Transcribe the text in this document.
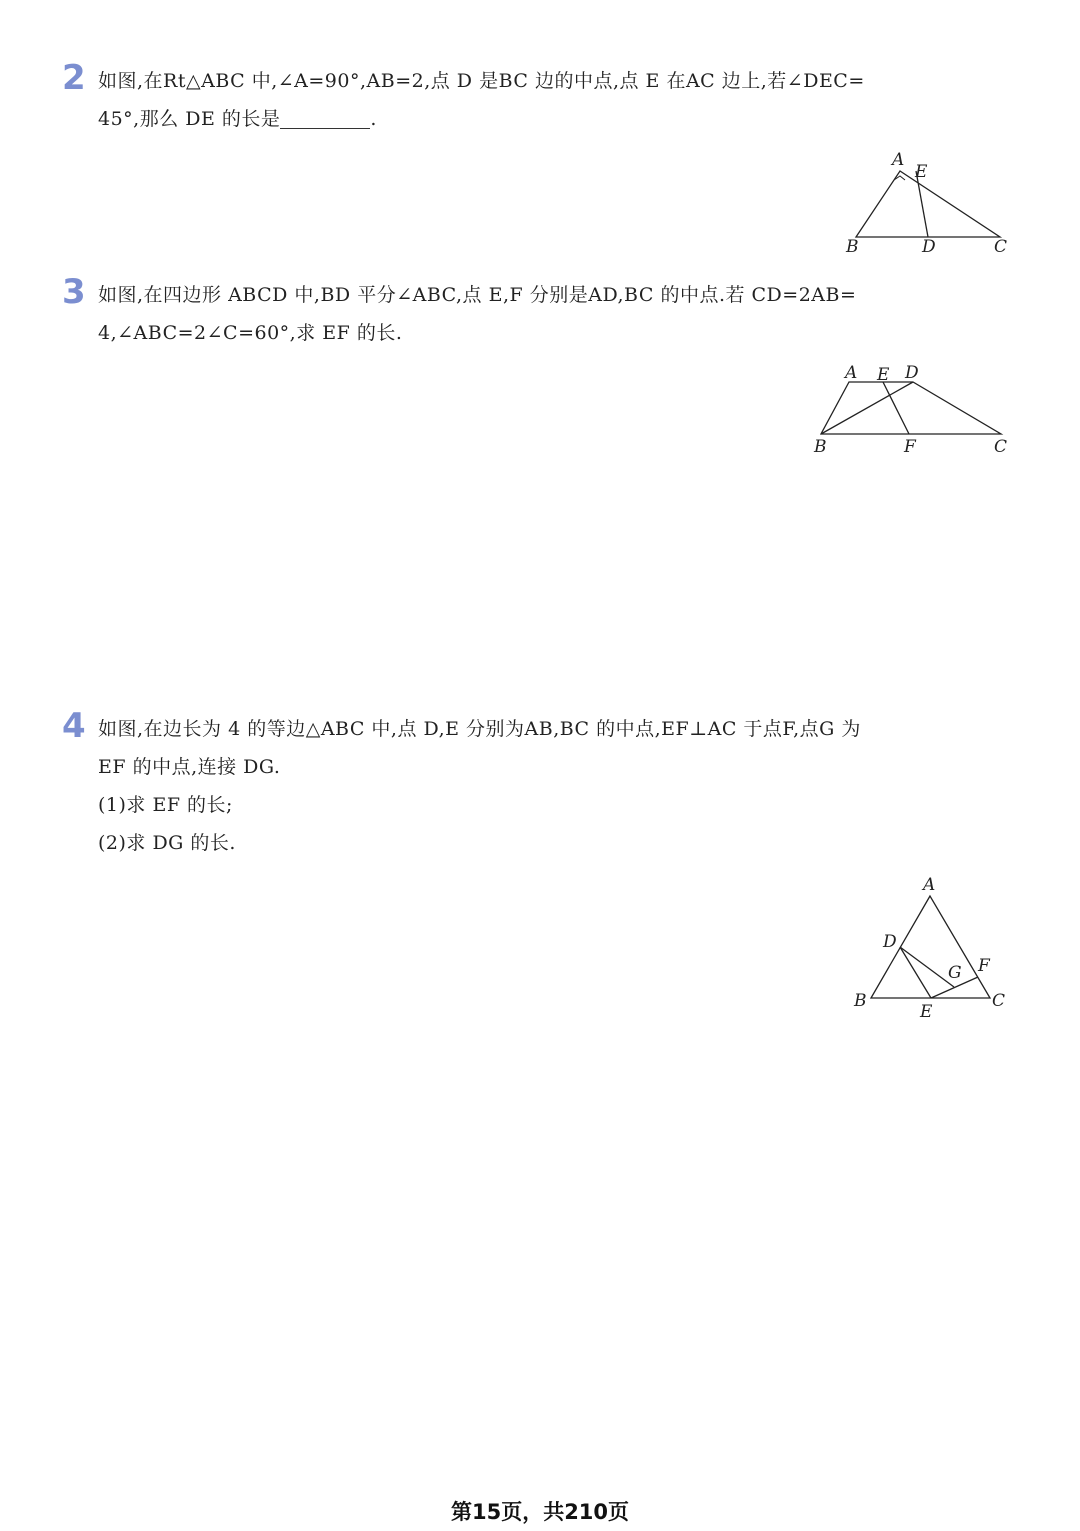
2 如图,在Rt△ABC 中,∠A=90°,AB=2,点 D 是BC 边的中点,点 E 在AC 边上,若∠DEC=
45°,那么 DE 的长是	.
A
E
B	D	C
3 如图,在四边形 ABCD 中,BD 平分∠ABC,点 E,F 分别是AD,BC 的中点.若 CD=2AB=
4,∠ABC=2∠C=60°,求 EF 的长.
A E D
B	F	C
4 如图,在边长为 4 的等边△ABC 中,点 D,E 分别为AB,BC 的中点,EF⊥AC 于点F,点G 为
EF 的中点,连接 DG.
(1)求 EF 的长;
(2)求 DG 的长.
A
D
G F
B
E
C
第15页，共210页
